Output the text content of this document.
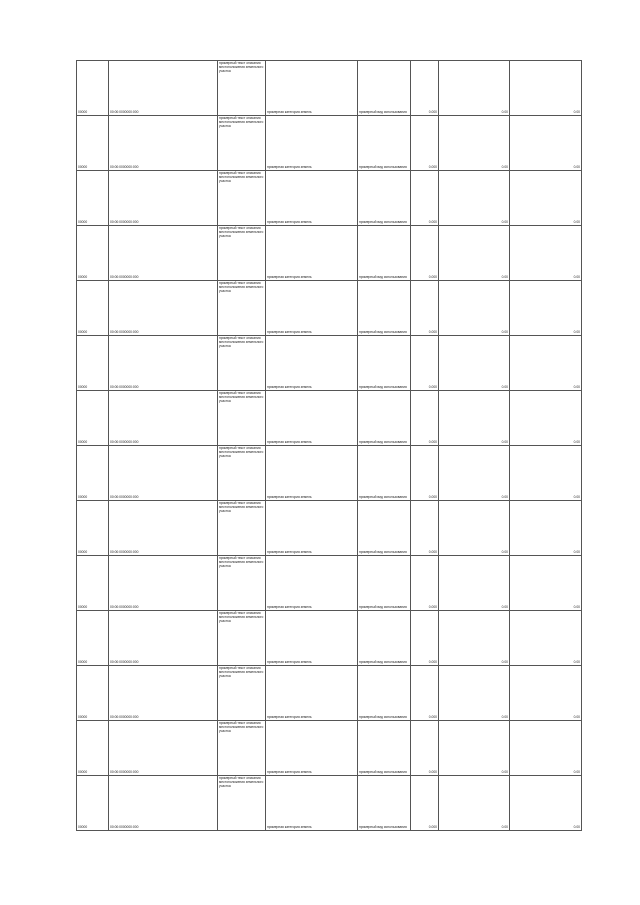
00000	00:00:0000000:000	примерный текст описания местоположения земельного участка	примерная категория земель	примерный вид использования	0.000	0.00	0.00
00000	00:00:0000000:000	примерный текст описания местоположения земельного участка	примерная категория земель	примерный вид использования	0.000	0.00	0.00
00000	00:00:0000000:000	примерный текст описания местоположения земельного участка	примерная категория земель	примерный вид использования	0.000	0.00	0.00
00000	00:00:0000000:000	примерный текст описания местоположения земельного участка	примерная категория земель	примерный вид использования	0.000	0.00	0.00
00000	00:00:0000000:000	примерный текст описания местоположения земельного участка	примерная категория земель	примерный вид использования	0.000	0.00	0.00
00000	00:00:0000000:000	примерный текст описания местоположения земельного участка	примерная категория земель	примерный вид использования	0.000	0.00	0.00
00000	00:00:0000000:000	примерный текст описания местоположения земельного участка	примерная категория земель	примерный вид использования	0.000	0.00	0.00
00000	00:00:0000000:000	примерный текст описания местоположения земельного участка	примерная категория земель	примерный вид использования	0.000	0.00	0.00
00000	00:00:0000000:000	примерный текст описания местоположения земельного участка	примерная категория земель	примерный вид использования	0.000	0.00	0.00
00000	00:00:0000000:000	примерный текст описания местоположения земельного участка	примерная категория земель	примерный вид использования	0.000	0.00	0.00
00000	00:00:0000000:000	примерный текст описания местоположения земельного участка	примерная категория земель	примерный вид использования	0.000	0.00	0.00
00000	00:00:0000000:000	примерный текст описания местоположения земельного участка	примерная категория земель	примерный вид использования	0.000	0.00	0.00
00000	00:00:0000000:000	примерный текст описания местоположения земельного участка	примерная категория земель	примерный вид использования	0.000	0.00	0.00
00000	00:00:0000000:000	примерный текст описания местоположения земельного участка	примерная категория земель	примерный вид использования	0.000	0.00	0.00
